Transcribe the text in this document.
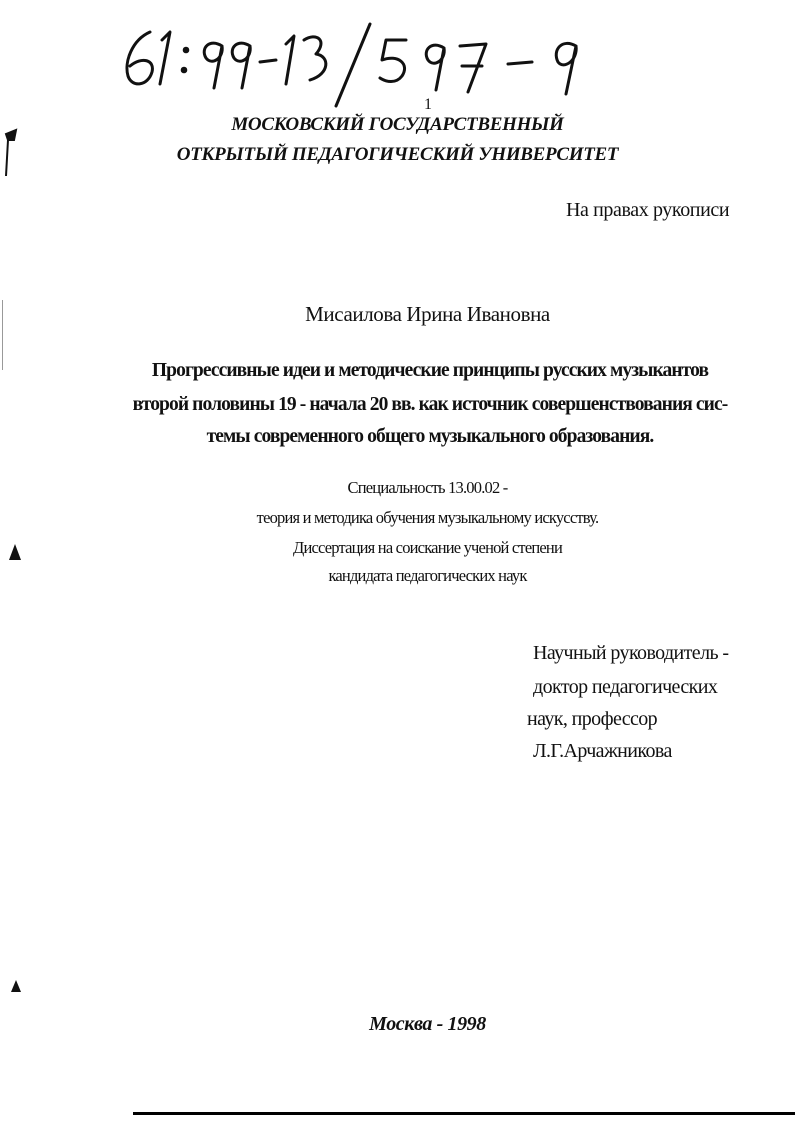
1
МОСКОВСКИЙ ГОСУДАРСТВЕННЫЙ
ОТКРЫТЫЙ ПЕДАГОГИЧЕСКИЙ УНИВЕРСИТЕТ
На правах рукописи
Мисаилова Ирина Ивановна
Прогрессивные идеи и методические принципы русских музыкантов
второй половины 19 - начала 20 вв. как источник совершенствования сис-
темы современного общего музыкального образования.
Специальность 13.00.02 -
теория и методика обучения музыкальному искусству.
Диссертация на соискание ученой степени
кандидата педагогических наук
Научный руководитель -
доктор педагогических
наук, профессор
Л.Г.Арчажникова
Москва - 1998
